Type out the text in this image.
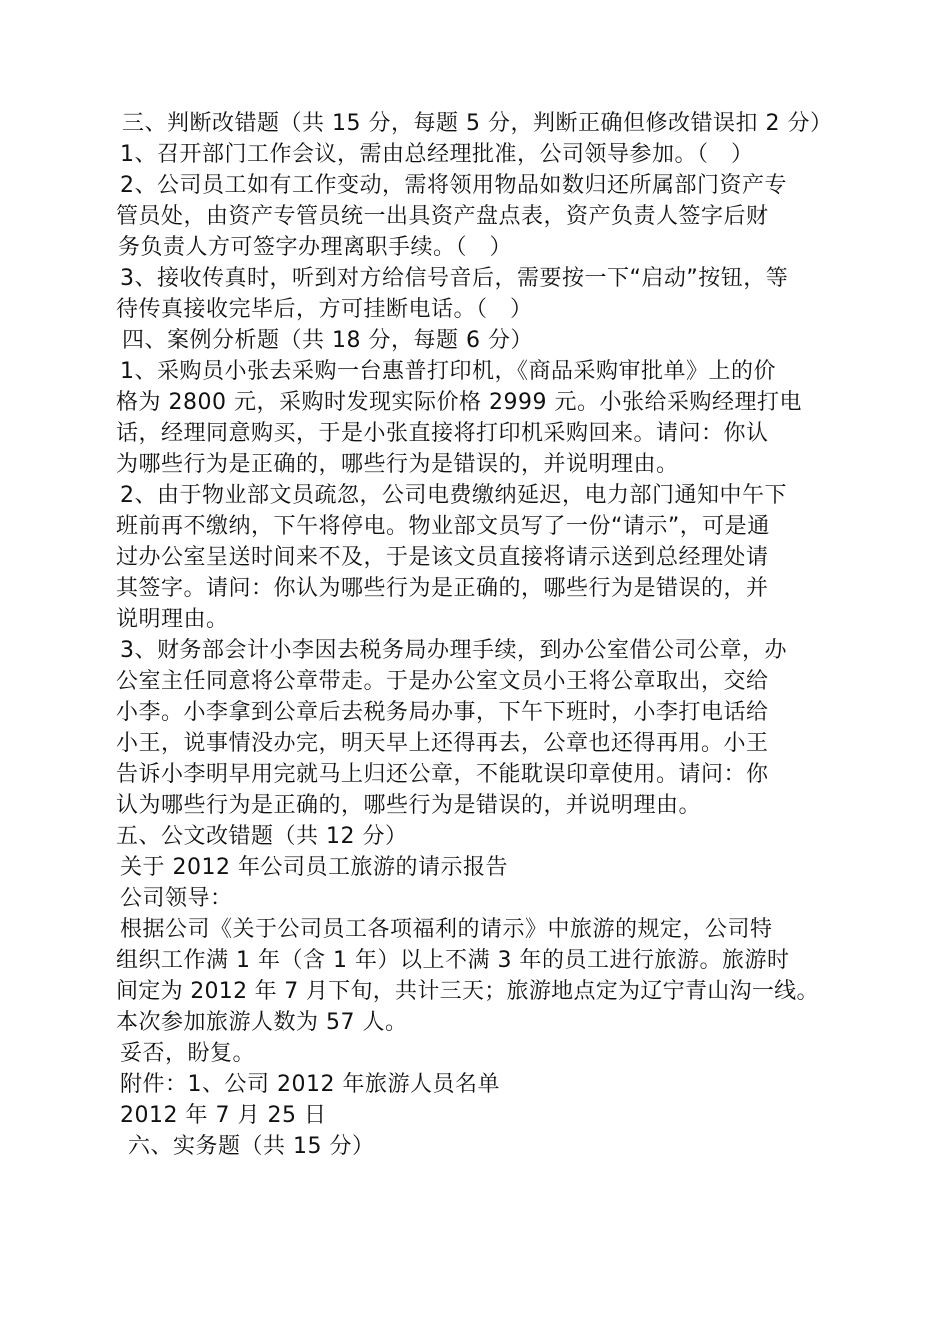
三、判断改错题（共 15 分，每题 5 分，判断正确但修改错误扣 2 分）
1、召开部门工作会议，需由总经理批准，公司领导参加。（　）
2、公司员工如有工作变动，需将领用物品如数归还所属部门资产专
管员处，由资产专管员统一出具资产盘点表，资产负责人签字后财
务负责人方可签字办理离职手续。（　）
3、接收传真时，听到对方给信号音后，需要按一下“启动”按钮，等
待传真接收完毕后，方可挂断电话。（　）
四、案例分析题（共 18 分，每题 6 分）
1、采购员小张去采购一台惠普打印机，《商品采购审批单》上的价
格为 2800 元，采购时发现实际价格 2999 元。小张给采购经理打电
话，经理同意购买，于是小张直接将打印机采购回来。请问：你认
为哪些行为是正确的，哪些行为是错误的，并说明理由。
2、由于物业部文员疏忽，公司电费缴纳延迟，电力部门通知中午下
班前再不缴纳，下午将停电。物业部文员写了一份“请示”，可是通
过办公室呈送时间来不及，于是该文员直接将请示送到总经理处请
其签字。请问：你认为哪些行为是正确的，哪些行为是错误的，并
说明理由。
3、财务部会计小李因去税务局办理手续，到办公室借公司公章，办
公室主任同意将公章带走。于是办公室文员小王将公章取出，交给
小李。小李拿到公章后去税务局办事，下午下班时，小李打电话给
小王，说事情没办完，明天早上还得再去，公章也还得再用。小王
告诉小李明早用完就马上归还公章，不能耽误印章使用。请问：你
认为哪些行为是正确的，哪些行为是错误的，并说明理由。
五、公文改错题（共 12 分）
关于 2012 年公司员工旅游的请示报告
公司领导：
根据公司《关于公司员工各项福利的请示》中旅游的规定，公司特
组织工作满 1 年（含 1 年）以上不满 3 年的员工进行旅游。旅游时
间定为 2012 年 7 月下旬，共计三天；旅游地点定为辽宁青山沟一线。
本次参加旅游人数为 57 人。
妥否，盼复。
附件：1、公司 2012 年旅游人员名单
2012 年 7 月 25 日
六、实务题（共 15 分）
